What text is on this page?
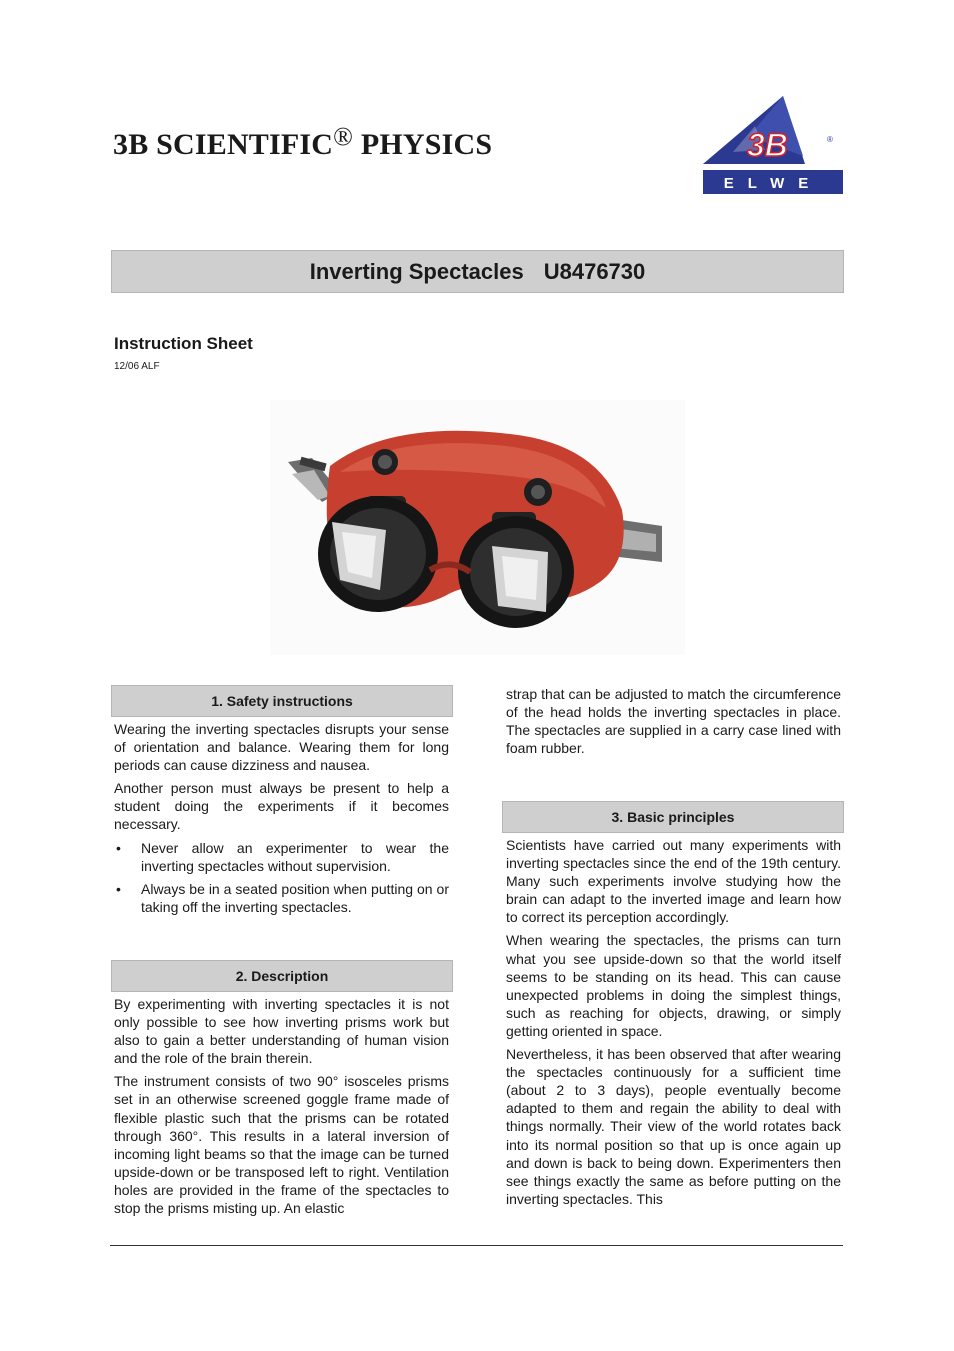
3B SCIENTIFIC® PHYSICS	3B	®
ELWE
Inverting Spectacles U8476730
Instruction Sheet
12/06 ALF
1. Safety instructions

Wearing the inverting spectacles disrupts your sense of orientation and balance. Wearing them for long periods can cause dizziness and nausea.

Another person must always be present to help a student doing the experiments if it becomes necessary.

• Never allow an experimenter to wear the inverting spectacles without supervision.
• Always be in a seated position when putting on or taking off the inverting spectacles.
2. Description

By experimenting with inverting spectacles it is not only possible to see how inverting prisms work but also to gain a better understanding of human vision and the role of the brain therein.

The instrument consists of two 90° isosceles prisms set in an otherwise screened goggle frame made of flexible plastic such that the prisms can be rotated through 360°. This results in a lateral inversion of incoming light beams so that the image can be turned upside-down or be transposed left to right. Ventilation holes are provided in the frame of the spectacles to stop the prisms misting up. An elastic

strap that can be adjusted to match the circumference of the head holds the inverting spectacles in place. The spectacles are supplied in a carry case lined with foam rubber.

3. Basic principles

Scientists have carried out many experiments with inverting spectacles since the end of the 19th century. Many such experiments involve studying how the brain can adapt to the inverted image and learn how to correct its perception accordingly.

When wearing the spectacles, the prisms can turn what you see upside-down so that the world itself seems to be standing on its head. This can cause unexpected problems in doing the simplest things, such as reaching for objects, drawing, or simply getting oriented in space.

Nevertheless, it has been observed that after wearing the spectacles continuously for a sufficient time (about 2 to 3 days), people eventually become adapted to them and regain the ability to deal with things normally. Their view of the world rotates back into its normal position so that up is once again up and down is back to being down. Experimenters then see things exactly the same as before putting on the inverting spectacles. This
